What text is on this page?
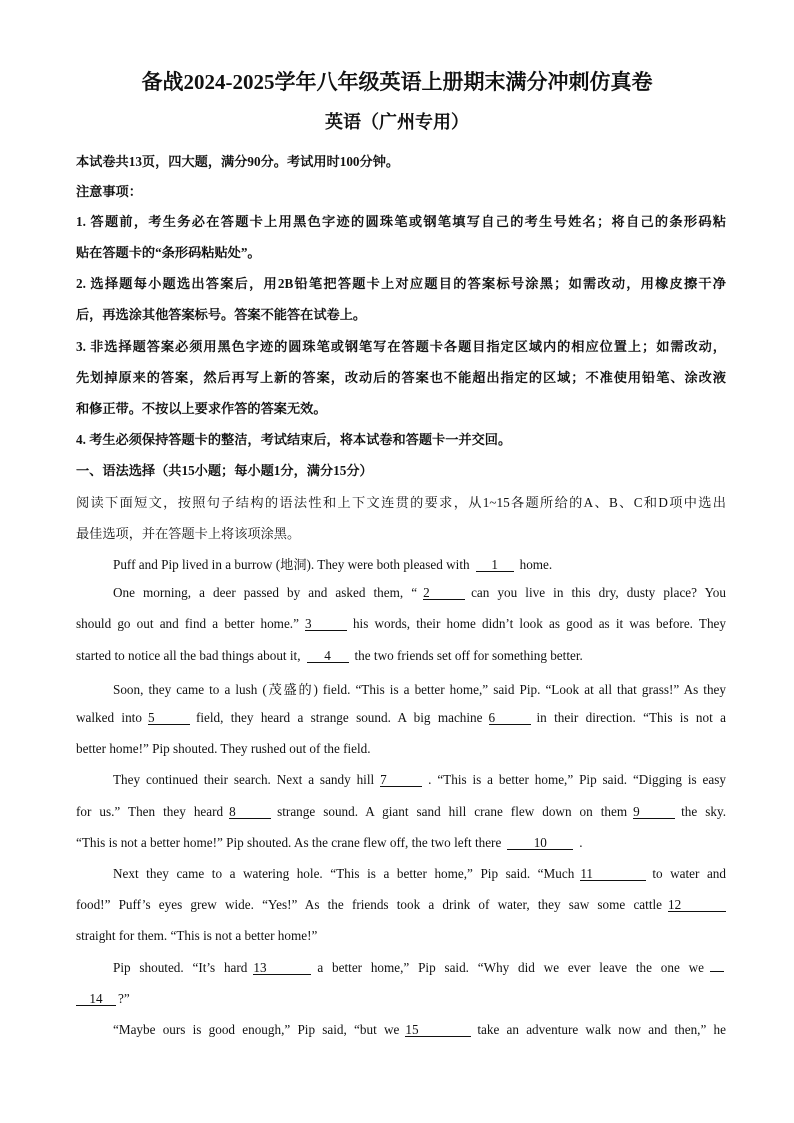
备战2024-2025学年八年级英语上册期末满分冲刺仿真卷
英语（广州专用）
本试卷共13页，四大题，满分90分。考试用时100分钟。
注意事项：
1. 答题前，考生务必在答题卡上用黑色字迹的圆珠笔或钢笔填写自己的考生号姓名；将自己的条形码粘
贴在答题卡的“条形码粘贴处”。
2. 选择题每小题选出答案后，用2B铅笔把答题卡上对应题目的答案标号涂黑；如需改动，用橡皮擦干净
后，再选涂其他答案标号。答案不能答在试卷上。
3. 非选择题答案必须用黑色字迹的圆珠笔或钢笔写在答题卡各题目指定区域内的相应位置上；如需改动，
先划掉原来的答案，然后再写上新的答案，改动后的答案也不能超出指定的区域；不准使用铅笔、涂改液
和修正带。不按以上要求作答的答案无效。
4. 考生必须保持答题卡的整洁，考试结束后，将本试卷和答题卡一并交回。
一、语法选择（共15小题；每小题1分，满分15分）
阅读下面短文，按照句子结构的语法性和上下文连贯的要求，从1~15各题所给的A、B、C和D项中选出
最佳选项，并在答题卡上将该项涂黑。
Puff and Pip lived in a burrow (地洞). They were both pleased with 1 home.
One morning, a deer passed by and asked them, “ 2	can you live in this dry, dusty place? You
should go out and find a better home.” 3	his words, their home didn’t look as good as it was before. They
started to notice all the bad things about it, 4 the two friends set off for something better.
Soon, they came to a lush (茂盛的) field. “This is a better home,” said Pip. “Look at all that grass!” As they
walked into 5	field, they heard a strange sound. A big machine 6	in their direction. “This is not a
better home!” Pip shouted. They rushed out of the field.
They continued their search. Next a sandy hill 7	. “This is a better home,” Pip said. “Digging is easy
for us.” Then they heard 8	strange sound. A giant sand hill crane flew down on them 9	the sky.
“This is not a better home!” Pip shouted. As the crane flew off, the two left there 10 .
Next they came to a watering hole. “This is a better home,” Pip said. “Much 11	to water and
food!” Puff’s eyes grew wide. “Yes!” As the friends took a drink of water, they saw some cattle 12
straight for them. “This is not a better home!”
Pip shouted. “It’s hard 13	a better home,” Pip said. “Why did we ever leave the one we
14 ?”
“Maybe ours is good enough,” Pip said, “but we 15	take an adventure walk now and then,” he
